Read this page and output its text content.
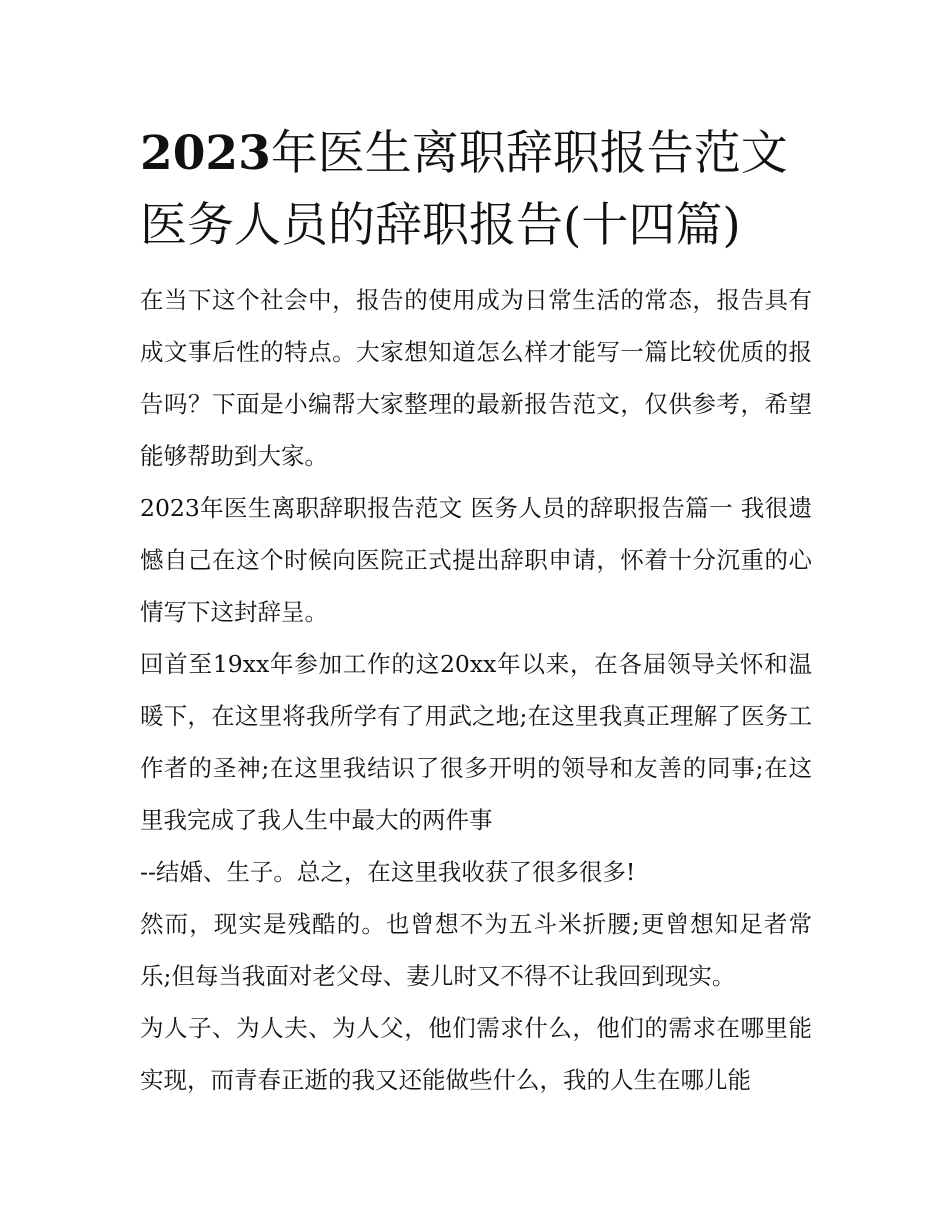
2023年医生离职辞职报告范文医务人员的辞职报告(十四篇)

在当下这个社会中，报告的使用成为日常生活的常态，报告具有成文事后性的特点。大家想知道怎么样才能写一篇比较优质的报告吗？下面是小编帮大家整理的最新报告范文，仅供参考，希望能够帮助到大家。

2023年医生离职辞职报告范文 医务人员的辞职报告篇一 我很遗憾自己在这个时候向医院正式提出辞职申请，怀着十分沉重的心情写下这封辞呈。

回首至19xx年参加工作的这20xx年以来，在各届领导关怀和温暖下，在这里将我所学有了用武之地;在这里我真正理解了医务工作者的圣神;在这里我结识了很多开明的领导和友善的同事;在这里我完成了我人生中最大的两件事

--结婚、生子。总之，在这里我收获了很多很多!

然而，现实是残酷的。也曾想不为五斗米折腰;更曾想知足者常乐;但每当我面对老父母、妻儿时又不得不让我回到现实。

为人子、为人夫、为人父，他们需求什么，他们的需求在哪里能实现，而青春正逝的我又还能做些什么，我的人生在哪儿能
